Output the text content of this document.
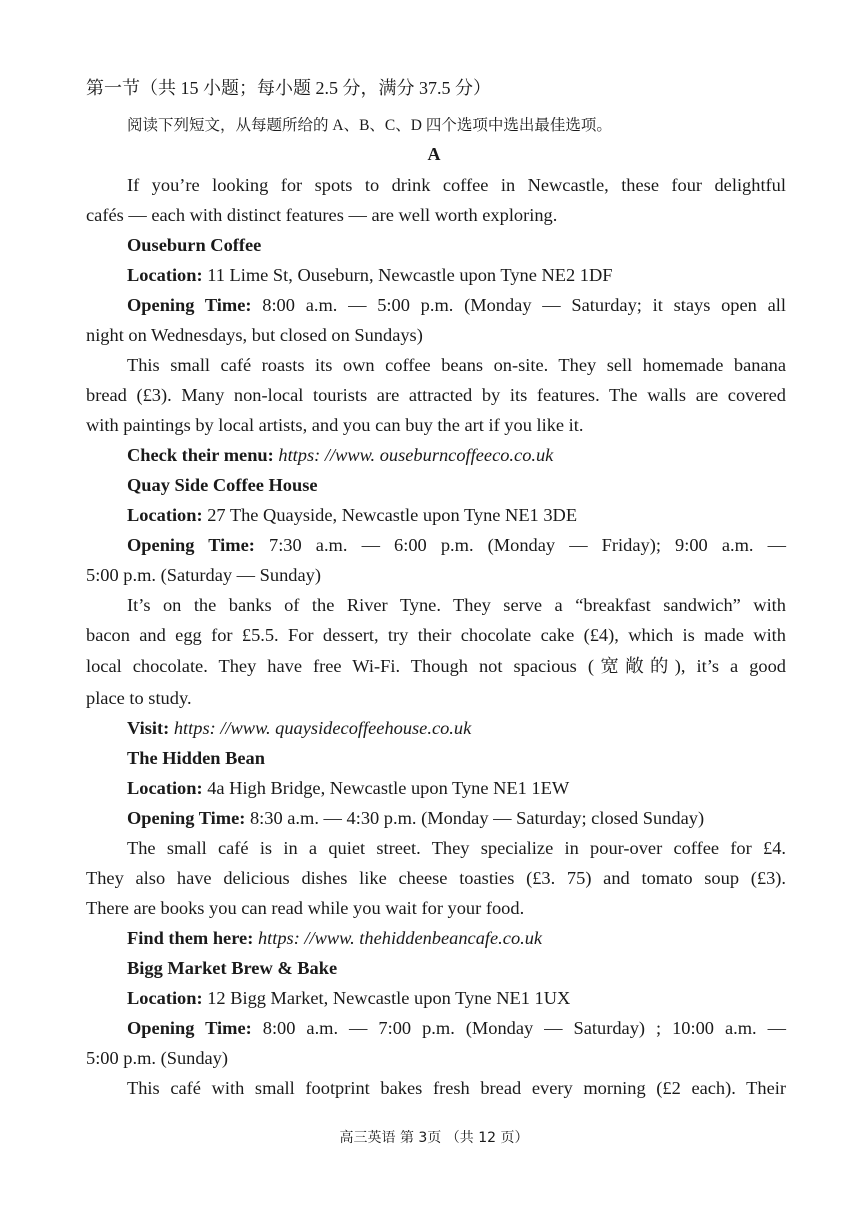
第一节（共 15 小题；每小题 2.5 分，满分 37.5 分）
阅读下列短文，从每题所给的 A、B、C、D 四个选项中选出最佳选项。
A
If you’re looking for spots to drink coffee in Newcastle, these four delightful
cafés — each with distinct features — are well worth exploring.
Ouseburn Coffee
Location: 11 Lime St, Ouseburn, Newcastle upon Tyne NE2 1DF
Opening Time: 8:00 a.m. — 5:00 p.m. (Monday — Saturday; it stays open all
night on Wednesdays, but closed on Sundays)
This small café roasts its own coffee beans on-site. They sell homemade banana
bread (£3). Many non-local tourists are attracted by its features. The walls are covered
with paintings by local artists, and you can buy the art if you like it.
Check their menu: https: //www. ouseburncoffeeco.co.uk
Quay Side Coffee House
Location: 27 The Quayside, Newcastle upon Tyne NE1 3DE
Opening Time: 7:30 a.m. — 6:00 p.m. (Monday — Friday); 9:00 a.m. —
5:00 p.m. (Saturday — Sunday)
It’s on the banks of the River Tyne. They serve a “breakfast sandwich” with
bacon and egg for £5.5. For dessert, try their chocolate cake (£4), which is made with
local chocolate. They have free Wi-Fi. Though not spacious (宽敞的), it’s a good
place to study.
Visit: https: //www. quaysidecoffeehouse.co.uk
The Hidden Bean
Location: 4a High Bridge, Newcastle upon Tyne NE1 1EW
Opening Time: 8:30 a.m. — 4:30 p.m. (Monday — Saturday; closed Sunday)
The small café is in a quiet street. They specialize in pour-over coffee for £4.
They also have delicious dishes like cheese toasties (£3. 75) and tomato soup (£3).
There are books you can read while you wait for your food.
Find them here: https: //www. thehiddenbeancafe.co.uk
Bigg Market Brew & Bake
Location: 12 Bigg Market, Newcastle upon Tyne NE1 1UX
Opening Time: 8:00 a.m. — 7:00 p.m. (Monday — Saturday) ; 10:00 a.m. —
5:00 p.m. (Sunday)
This café with small footprint bakes fresh bread every morning (£2 each). Their
高三英语 第 3页 （共 12 页）
